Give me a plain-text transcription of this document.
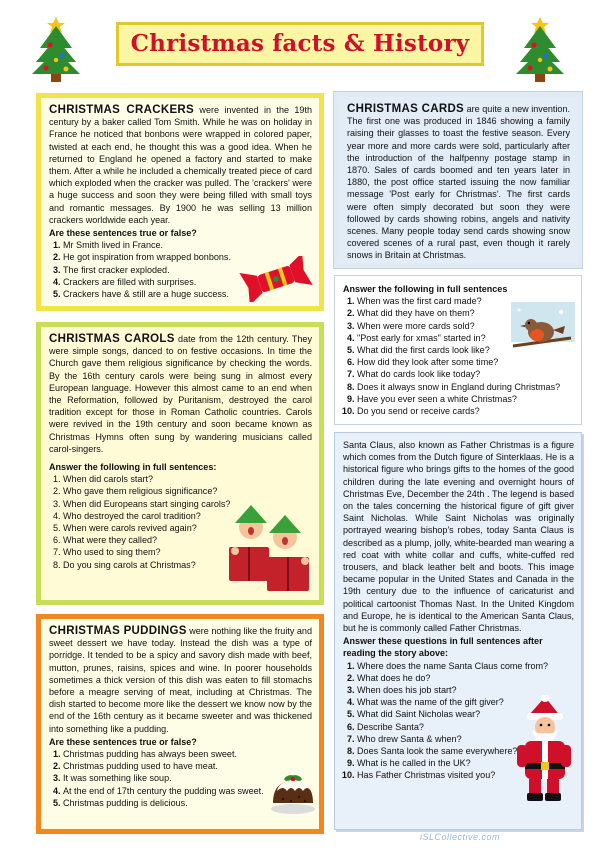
Christmas facts & History

CHRISTMAS CRACKERS were invented in the 19th century by a baker called Tom Smith. While he was on holiday in France he noticed that bonbons were wrapped in colored paper, twisted at each end, he thought this was a good idea. When he returned to England he opened a factory and started to make them. After a while he included a chemically treated piece of card which exploded when the cracker was pulled. The 'crackers' were a huge success and soon they were being filled with small toys and romantic messages. By 1900 he was selling 13 million crackers worldwide each year.

Are these sentences true or false?
1. Mr Smith lived in France.
2. He got inspiration from wrapped bonbons.
3. The first cracker exploded.
4. Crackers are filled with surprises.
5. Crackers have & still are a huge success.

CHRISTMAS CARDS are quite a new invention. The first one was produced in 1846 showing a family raising their glasses to toast the festive season. Every year more and more cards were sold, particularly after the introduction of the halfpenny postage stamp in 1870. Sales of cards boomed and ten years later in 1880, the post office started issuing the now familiar message 'Post early for Christmas'. The first cards were often simply decorated but soon they were followed by cards showing robins, angels and nativity scenes. Many people today send cards showing snow covered scenes of a rural past, even though it rarely snows in Britain at Christmas.

Answer the following in full sentences
1. When was the first card made?
2. What did they have on them?
3. When were more cards sold?
4. "Post early for xmas" started in?
5. What did the first cards look like?
6. How did they look after some time?
7. What do cards look like today?
8. Does it always snow in England during Christmas?
9. Have you ever seen a white Christmas?
10. Do you send or receive cards?

CHRISTMAS CAROLS date from the 12th century. They were simple songs, danced to on festive occasions. In time the Church gave them religious significance by checking the words. By the 16th century carols were being sung in almost every European language. However this almost came to an end when the Reformation, followed by Puritanism, destroyed the carol tradition except for those in Roman Catholic countries. Carols were revived in the 19th century and soon became known as Christmas Hymns often sung by wandering musicians called carol-singers.

Answer the following in full sentences:
1. When did carols start?
2. Who gave them religious significance?
3. When did Europeans start singing carols?
4. Who destroyed the carol tradition?
5. When were carols revived again?
6. What were they called?
7. Who used to sing them?
8. Do you sing carols at Christmas?

CHRISTMAS PUDDINGS were nothing like the fruity and sweet dessert we have today. Instead the dish was a type of porridge. It tended to be a spicy and savory dish made with beef, mutton, prunes, raisins, spices and wine. In poorer households sometimes a thick version of this dish was eaten to fill stomachs before a meagre serving of meat, including at Christmas. The dish started to become more like the dessert we know now by the end of the 16th century as it became sweeter and was thickened into something like a pudding.

Are these sentences true or false?
1. Christmas pudding has always been sweet.
2. Christmas pudding used to have meat.
3. It was something like soup.
4. At the end of 17th century the pudding was sweet.
5. Christmas pudding is delicious.

Santa Claus, also known as Father Christmas is a figure which comes from the Dutch figure of Sinterklaas. He is a historical figure who brings gifts to the homes of the good children during the late evening and overnight hours of Christmas Eve, December the 24th . The legend is based on the tales concerning the historical figure of gift giver Saint Nicholas. While Saint Nicholas was originally portrayed wearing bishop's robes, today Santa Claus is described as a plump, jolly, white-bearded man wearing a red coat with white collar and cuffs, white-cuffed red trousers, and black leather belt and boots. This image became popular in the United States and Canada in the 19th century due to the influence of caricaturist and political cartoonist Thomas Nast. In the United Kingdom and Europe, he is identical to the American Santa Claus, but he is commonly called Father Christmas.

Answer these questions in full sentences after reading the story above:
1. Where does the name Santa Claus come from?
2. What does he do?
3. When does his job start?
4. What was the name of the gift giver?
5. What did Saint Nicholas wear?
6. Describe Santa?
7. Who drew Santa & when?
8. Does Santa look the same everywhere?
9. What is he called in the UK?
10. Has Father Christmas visited you?
iSLCollective.com
